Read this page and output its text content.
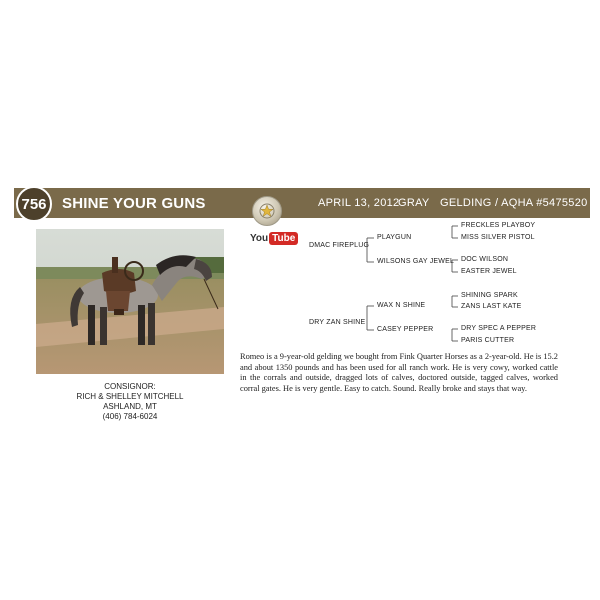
756 SHINE YOUR GUNS	APRIL 13, 2012
GRAY GELDING / AQHA #5475520
You Tube
CONSIGNOR:
RICH & SHELLEY MITCHELL
ASHLAND, MT
(406) 784-6024
DMAC FIREPLUG
DRY ZAN SHINE
PLAYGUN
WILSONS GAY JEWEL
WAX N SHINE
CASEY PEPPER
FRECKLES PLAYBOY
MISS SILVER PISTOL
DOC WILSON
EASTER JEWEL
SHINING SPARK
ZANS LAST KATE
DRY SPEC A PEPPER
PARIS CUTTER
Romeo is a 9-year-old gelding we bought from Fink Quarter Horses as a 2-year-old. He is 15.2 and about 1350 pounds and has been used for all ranch work. He is very cowy, worked cattle in the corrals and outside, dragged lots of calves, doctored outside, tagged calves, worked corral gates. He is very gentle. Easy to catch. Sound. Really broke and stays that way.
